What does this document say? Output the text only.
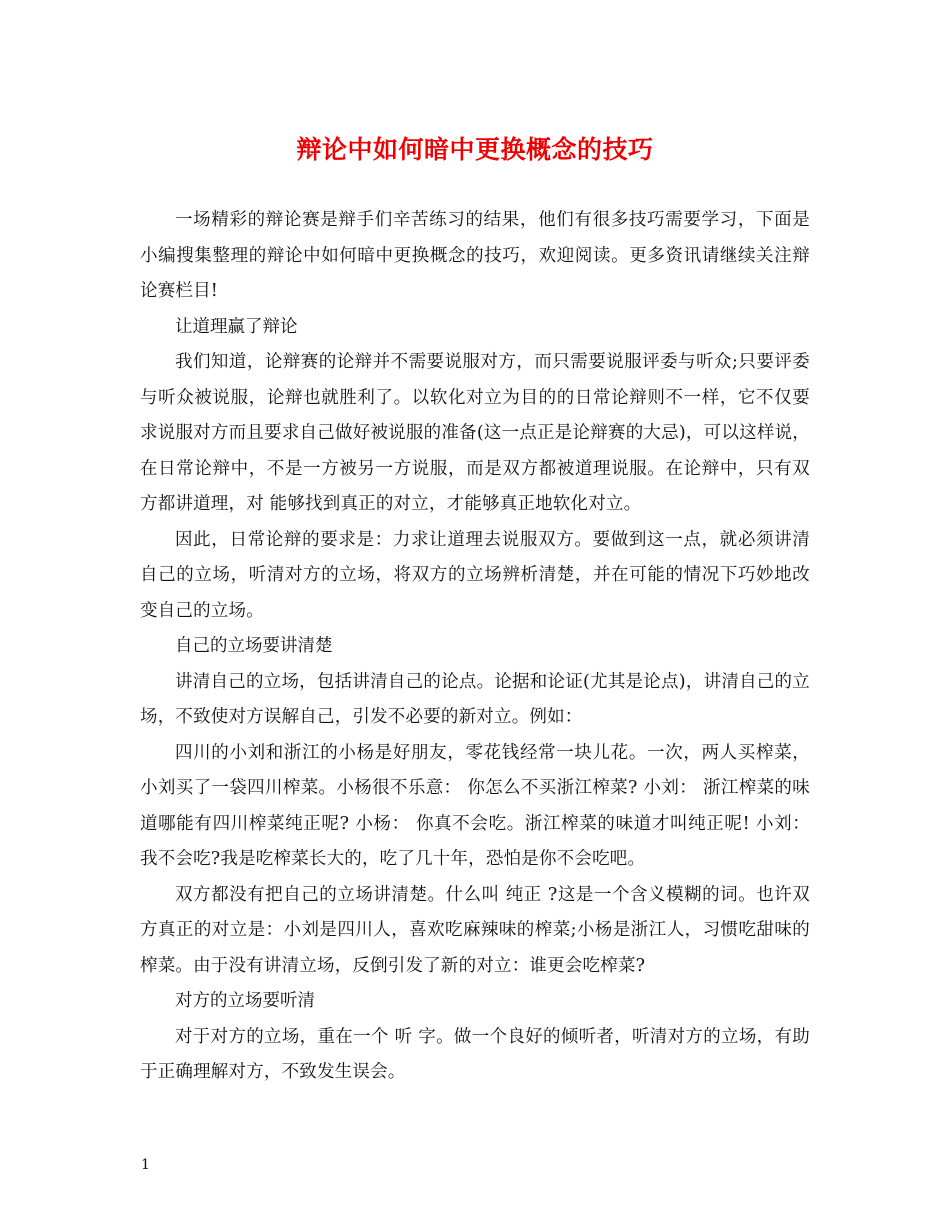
辩论中如何暗中更换概念的技巧

一场精彩的辩论赛是辩手们辛苦练习的结果，他们有很多技巧需要学习，下面是小编搜集整理的辩论中如何暗中更换概念的技巧，欢迎阅读。更多资讯请继续关注辩论赛栏目!

让道理赢了辩论

我们知道，论辩赛的论辩并不需要说服对方，而只需要说服评委与听众;只要评委与听众被说服，论辩也就胜利了。以软化对立为目的的日常论辩则不一样，它不仅要求说服对方而且要求自己做好被说服的准备(这一点正是论辩赛的大忌)，可以这样说，在日常论辩中，不是一方被另一方说服，而是双方都被道理说服。在论辩中，只有双方都讲道理，对 能够找到真正的对立，才能够真正地软化对立。

因此，日常论辩的要求是：力求让道理去说服双方。要做到这一点，就必须讲清自己的立场，听清对方的立场，将双方的立场辨析清楚，并在可能的情况下巧妙地改变自己的立场。

自己的立场要讲清楚

讲清自己的立场，包括讲清自己的论点。论据和论证(尤其是论点)，讲清自己的立场，不致使对方误解自己，引发不必要的新对立。例如：

四川的小刘和浙江的小杨是好朋友，零花钱经常一块儿花。一次，两人买榨菜，小刘买了一袋四川榨菜。小杨很不乐意： 你怎么不买浙江榨菜? 小刘： 浙江榨菜的味道哪能有四川榨菜纯正呢? 小杨： 你真不会吃。浙江榨菜的味道才叫纯正呢! 小刘： 我不会吃?我是吃榨菜长大的，吃了几十年，恐怕是你不会吃吧。

双方都没有把自己的立场讲清楚。什么叫 纯正 ?这是一个含义模糊的词。也许双方真正的对立是：小刘是四川人，喜欢吃麻辣味的榨菜;小杨是浙江人，习惯吃甜味的榨菜。由于没有讲清立场，反倒引发了新的对立：谁更会吃榨菜?

对方的立场要听清

对于对方的立场，重在一个 听 字。做一个良好的倾听者，听清对方的立场，有助于正确理解对方，不致发生误会。

1
